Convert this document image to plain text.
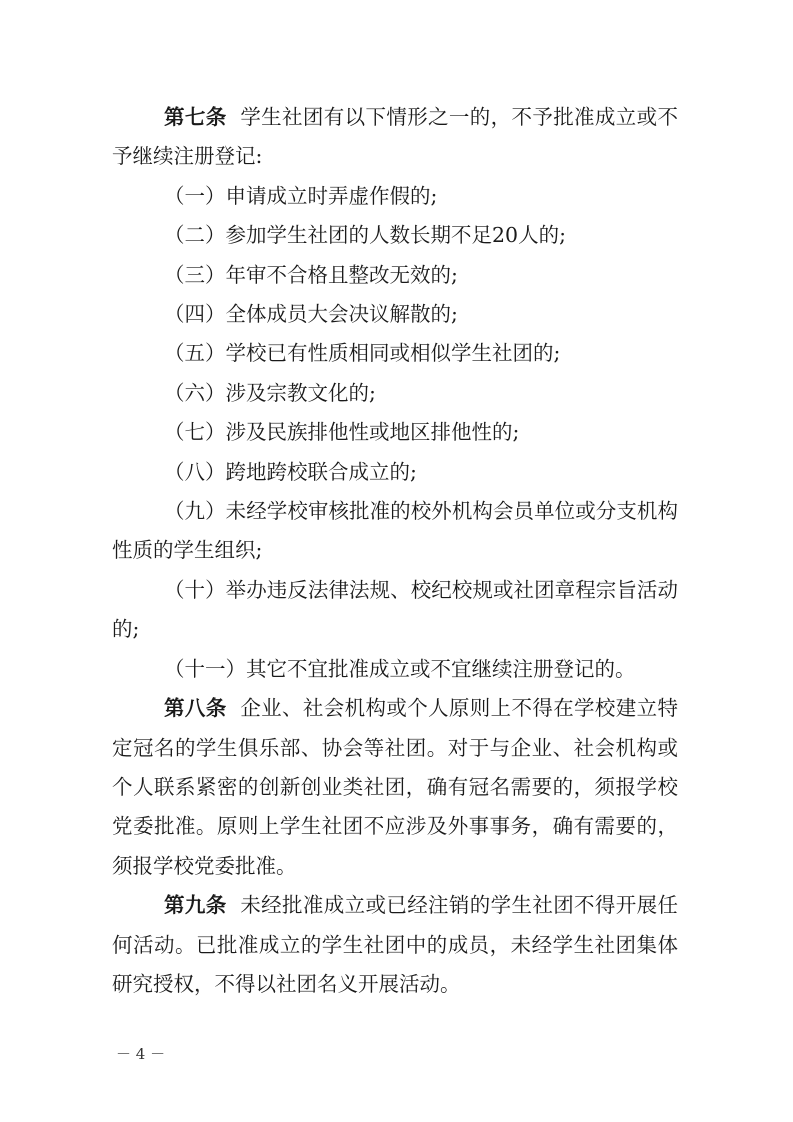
第七条 学生社团有以下情形之一的，不予批准成立或不予继续注册登记:

（一）申请成立时弄虚作假的;

（二）参加学生社团的人数长期不足20人的;

（三）年审不合格且整改无效的;

（四）全体成员大会决议解散的;

（五）学校已有性质相同或相似学生社团的;

（六）涉及宗教文化的;

（七）涉及民族排他性或地区排他性的;

（八）跨地跨校联合成立的;

（九）未经学校审核批准的校外机构会员单位或分支机构性质的学生组织;

（十）举办违反法律法规、校纪校规或社团章程宗旨活动的;

（十一）其它不宜批准成立或不宜继续注册登记的。

第八条 企业、社会机构或个人原则上不得在学校建立特定冠名的学生俱乐部、协会等社团。对于与企业、社会机构或个人联系紧密的创新创业类社团，确有冠名需要的，须报学校党委批准。原则上学生社团不应涉及外事事务，确有需要的，须报学校党委批准。

第九条 未经批准成立或已经注销的学生社团不得开展任何活动。已批准成立的学生社团中的成员，未经学生社团集体研究授权，不得以社团名义开展活动。

－ 4 －
